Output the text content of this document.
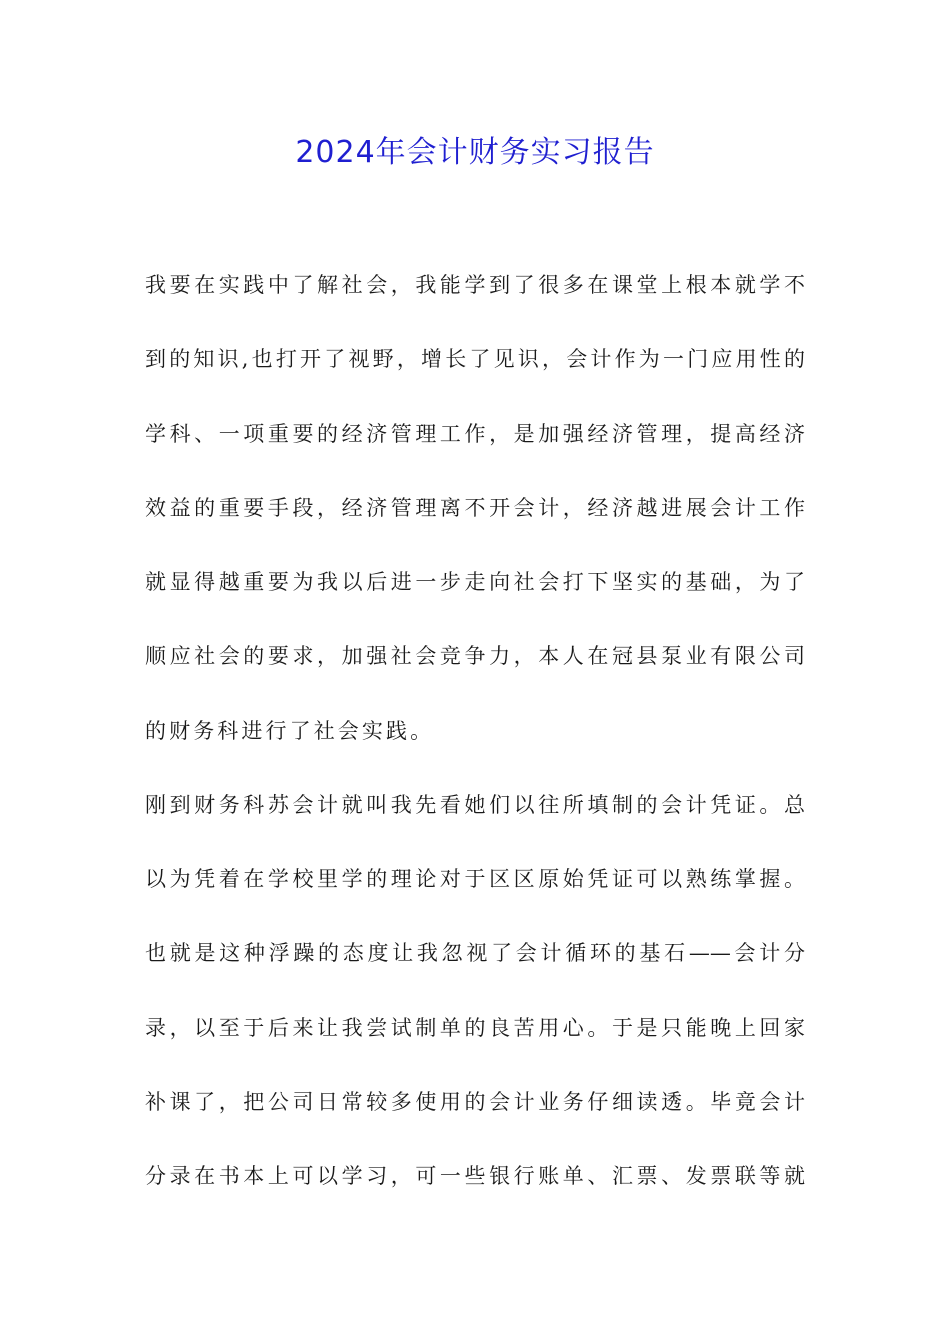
2024年会计财务实习报告
我要在实践中了解社会，我能学到了很多在课堂上根本就学不
到的知识,也打开了视野，增长了见识，会计作为一门应用性的
学科、一项重要的经济管理工作，是加强经济管理，提高经济
效益的重要手段，经济管理离不开会计，经济越进展会计工作
就显得越重要为我以后进一步走向社会打下坚实的基础，为了
顺应社会的要求，加强社会竞争力，本人在冠县泵业有限公司
的财务科进行了社会实践。
刚到财务科苏会计就叫我先看她们以往所填制的会计凭证。总
以为凭着在学校里学的理论对于区区原始凭证可以熟练掌握。
也就是这种浮躁的态度让我忽视了会计循环的基石——会计分
录，以至于后来让我尝试制单的良苦用心。于是只能晚上回家
补课了，把公司日常较多使用的会计业务仔细读透。毕竟会计
分录在书本上可以学习，可一些银行账单、汇票、发票联等就
